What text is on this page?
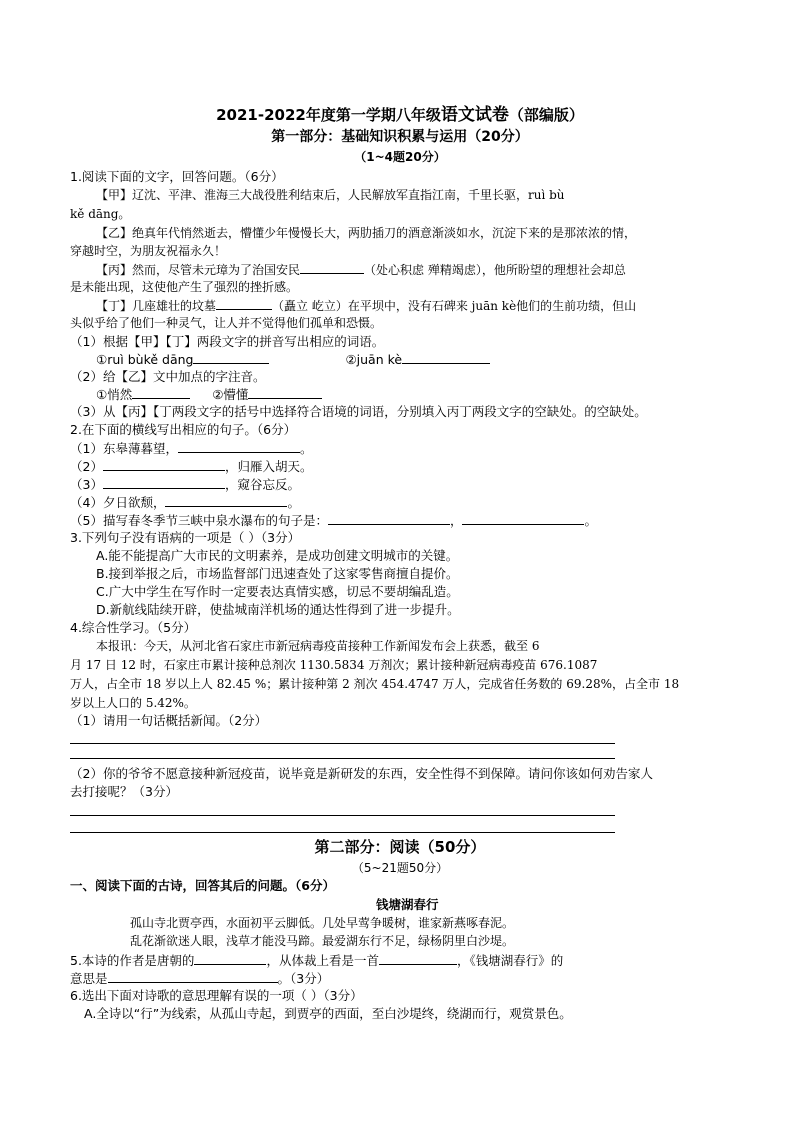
2021-2022年度第一学期八年级语文试卷（部编版）
第一部分：基础知识积累与运用（20分）
（1~4题20分）
1.阅读下面的文字，回答问题。（6分）
【甲】辽沈、平津、淮海三大战役胜利结束后，人民解放军直指江南，千里长驱，ruì bù
kě dāng。
【乙】绝真年代悄然逝去，懵懂少年慢慢长大，两肋插刀的酒意渐淡如水，沉淀下来的是那浓浓的情，
穿越时空，为朋友祝福永久！
【丙】然而，尽管未元璋为了治国安民	（处心积虑 殚精竭虑），他所盼望的理想社会却总
是未能出现，这使他产生了强烈的挫折感。
【丁】几座雄壮的坟墓	（矗立 屹立）在平坝中，没有石碑来 juān kè他们的生前功绩，但山
头似乎给了他们一种灵气，让人并不觉得他们孤单和恐慑。
（1）根据【甲】【丁】两段文字的拼音写出相应的词语。
①ruì bùkě dāng	②juān kè
（2）给【乙】文中加点的字注音。
①悄然	②懵懂
（3）从【丙】【丁两段文字的括号中选择符合语境的词语，分别填入丙丁两段文字的空缺处。的空缺处。
2.在下面的横线写出相应的句子。（6分）
（1）东皋薄暮望，	。
（2）	，归雁入胡天。
（3）	，窥谷忘反。
（4）夕日欲颓，	。
（5）描写春冬季节三峡中泉水瀑布的句子是：	，	。
3.下列句子没有语病的一项是（ ）（3分）
A.能不能提高广大市民的文明素养，是成功创建文明城市的关键。
B.接到举报之后，市场监督部门迅速查处了这家零售商擅自提价。
C.广大中学生在写作时一定要表达真情实感，切忌不要胡编乱造。
D.新航线陆续开辟，使盐城南洋机场的通达性得到了进一步提升。
4.综合性学习。（5分）
本报讯：今天，从河北省石家庄市新冠病毒疫苗接种工作新闻发布会上获悉，截至 6
月 17 日 12 时，石家庄市累计接种总剂次 1130.5834 万剂次；累计接种新冠病毒疫苗 676.1087
万人，占全市 18 岁以上人 82.45 %；累计接种第 2 剂次 454.4747 万人，完成省任务数的 69.28%，占全市 18
岁以上人口的 5.42%。
（1）请用一句话概括新闻。（2分）
（2）你的爷爷不愿意接种新冠疫苗，说毕竟是新研发的东西，安全性得不到保障。请问你该如何劝告家人
去打接呢？（3分）
第二部分：阅读（50分）
（5~21题50分）
一、阅读下面的古诗，回答其后的问题。（6分）
钱塘湖春行
孤山寺北贾亭西，水面初平云脚低。几处早莺争暖树，谁家新燕啄春泥。
乱花渐欲迷人眼，浅草才能没马蹄。最爱湖东行不足，绿杨阴里白沙堤。
5.本诗的作者是唐朝的	，从体裁上看是一首	，《钱塘湖春行》的
意思是	。（3分）
6.选出下面对诗歌的意思理解有误的一项（ ）（3分）
A.全诗以“行”为线索，从孤山寺起，到贾亭的西面，至白沙堤终，绕湖而行，观赏景色。
